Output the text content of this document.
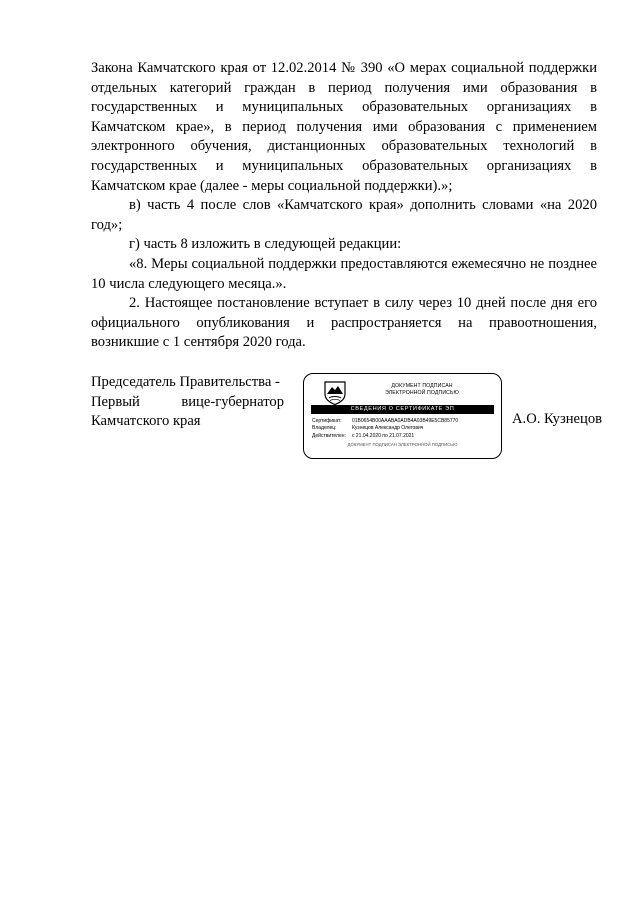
Закона Камчатского края от 12.02.2014 № 390 «О мерах социальной поддержки отдельных категорий граждан в период получения ими образования в государственных и муниципальных образовательных организациях в Камчатском крае», в период получения ими образования с применением электронного обучения, дистанционных образовательных технологий в государственных и муниципальных образовательных организациях в Камчатском крае (далее - меры социальной поддержки).»;

в) часть 4 после слов «Камчатского края» дополнить словами «на 2020 год»;

г) часть 8 изложить в следующей редакции:

«8. Меры социальной поддержки предоставляются ежемесячно не позднее 10 числа следующего месяца.».

2. Настоящее постановление вступает в силу через 10 дней после дня его официального опубликования и распространяется на правоотношения, возникшие с 1 сентября 2020 года.

Председатель Правительства -
Первый	вице-губернатор
Камчатского края
ДОКУМЕНТ ПОДПИСАН
ЭЛЕКТРОННОЙ ПОДПИСЬЮ
СВЕДЕНИЯ О СЕРТИФИКАТЕ ЭП
Сертификат:	01B0654B00AAABA0ADB4A03B49E5CB85770
Владелец:	Кузнецов Александр Олегович
Действителен:	с 21.04.2020 по 21.07.2021
ДОКУМЕНТ ПОДПИСАН ЭЛЕКТРОННОЙ ПОДПИСЬЮ
А.О. Кузнецов
